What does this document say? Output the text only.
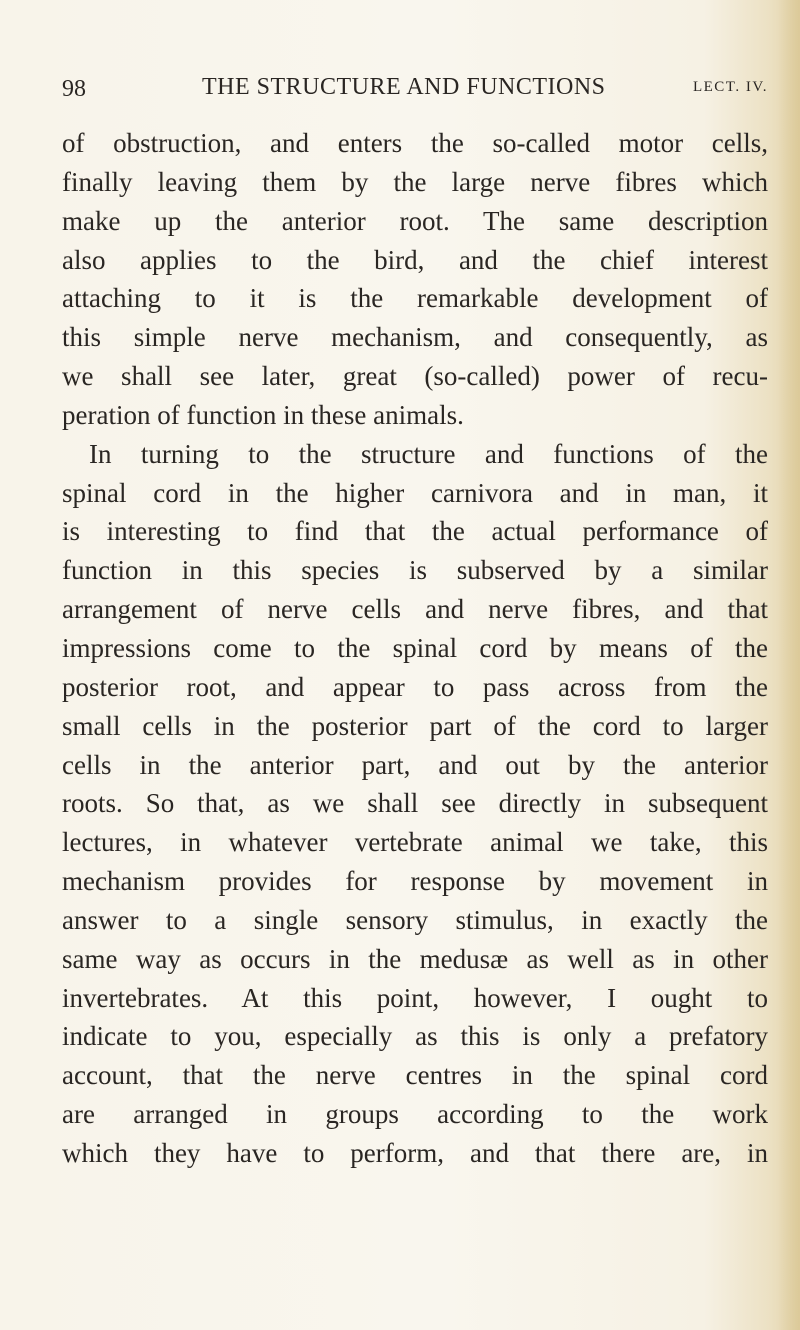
98	THE STRUCTURE AND FUNCTIONS	LECT. IV.
of obstruction, and enters the so-called motor cells,
finally leaving them by the large nerve fibres which
make up the anterior root. The same description
also applies to the bird, and the chief interest
attaching to it is the remarkable development of
this simple nerve mechanism, and consequently, as
we shall see later, great (so-called) power of recu-
peration of function in these animals.
In turning to the structure and functions of the
spinal cord in the higher carnivora and in man, it
is interesting to find that the actual performance of
function in this species is subserved by a similar
arrangement of nerve cells and nerve fibres, and that
impressions come to the spinal cord by means of the
posterior root, and appear to pass across from the
small cells in the posterior part of the cord to larger
cells in the anterior part, and out by the anterior
roots. So that, as we shall see directly in subsequent
lectures, in whatever vertebrate animal we take, this
mechanism provides for response by movement in
answer to a single sensory stimulus, in exactly the
same way as occurs in the medusæ as well as in other
invertebrates. At this point, however, I ought to
indicate to you, especially as this is only a prefatory
account, that the nerve centres in the spinal cord
are arranged in groups according to the work
which they have to perform, and that there are, in
